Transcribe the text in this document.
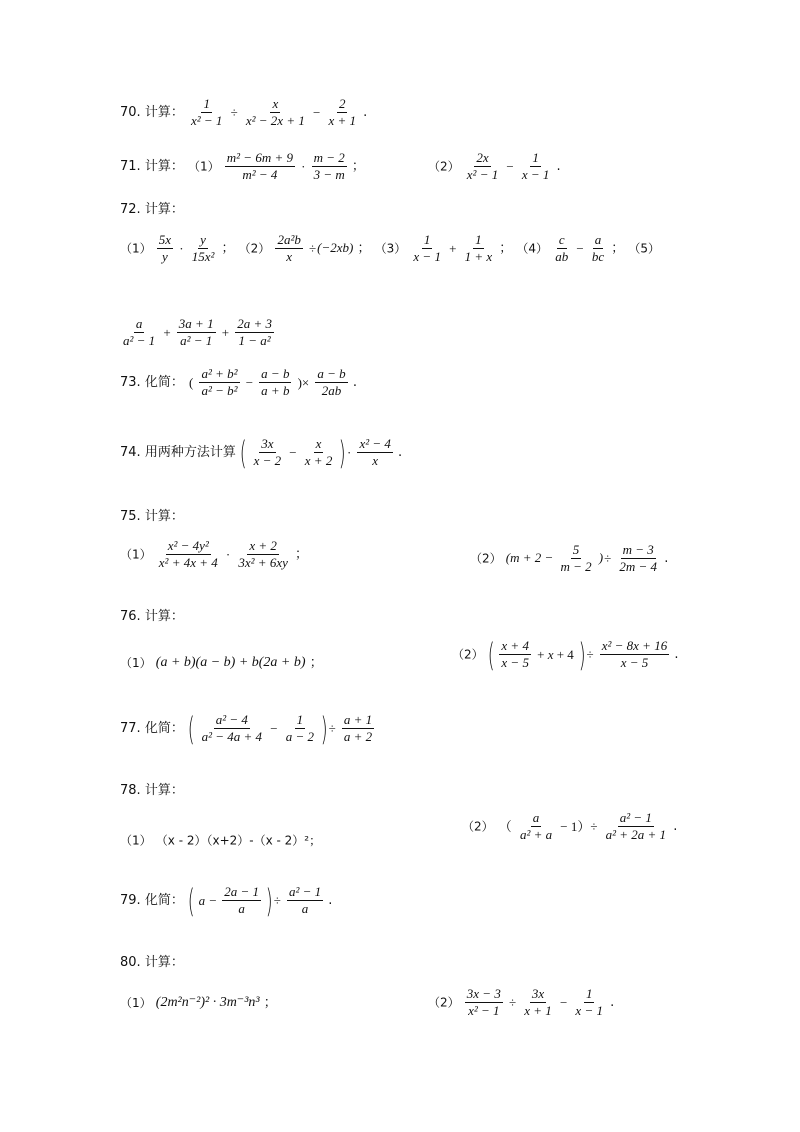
70. 计算： $\frac{1}{\text{x² − 1}} \div \frac{x}{\text{x² − 2x + 1}} - \frac{2}{x + 1}$ .
71. 计算： $(1) \frac{\text{m² − 6m + 9}}{\text{m² − 4}} \cdot \frac{m - 2}{3 - m}$ ；	$(2) \frac{2x}{\text{x² − 1}} - \frac{1}{x - 1}$ .
72. 计算：
$(1) \frac{5x}{y} \cdot \frac{y}{\text{15x²}}$ ； $(2) \frac{\text{2a²b}}{x} \div(-2xb)$ ； $(3) \frac{1}{x - 1} + \frac{1}{1 + x}$ ； $(4) \frac{c}{ab} - \frac{a}{bc}$ ； （5）
$\frac{a}{\text{a² − 1}} + \frac{3a + 1}{\text{a² − 1}} + \frac{2a + 3}{\text{1 − a²}}$
73. 化简： ( $\frac{\text{a² + b²}}{\text{a² − b²}} - \frac{a - b}{a + b}$ )× $\frac{a - b}{2ab}$ .
74. 用两种方法计算 ( $\frac{3x}{x - 2} - \frac{x}{x + 2}$ )· $\frac{\text{x² − 4}}{x}$ .
75. 计算：
$(1) \frac{\text{x² − 4y²}}{\text{x² + 4x + 4}} \cdot \frac{x + 2}{\text{3x² + 6xy}}$ ；	（2） ($m + 2 - \frac{5}{m - 2}$ )÷ $\frac{m - 3}{2m - 4}$ .
76. 计算：
（1） (a + b)(a − b) + b(2a + b) ；
（2） ( $\frac{x + 4}{x - 5} + x + 4$ )÷ $\frac{\text{x² − 8x + 16}}{x - 5}$ .
77. 化简： ( $\frac{\text{a² − 4}}{\text{a² − 4a + 4}} - \frac{1}{a - 2}$ )÷ $\frac{a + 1}{a + 2}$
78. 计算：
（1） （x - 2）（x+2）-（x - 2）²；
（2） （ $\frac{a}{\text{a² + a}} - 1)\div \frac{\text{a² − 1}}{\text{a² + 2a + 1}}$ .
79. 化简： ( $a - \frac{2a - 1}{a}$ )÷ $\frac{\text{a² − 1}}{a}$ .
80. 计算：
（1） (2m²n⁻²)² · 3m⁻³n³ ；	$(2) \frac{3x - 3}{\text{x² − 1}} \div \frac{3x}{x + 1} - \frac{1}{x - 1}$ .
